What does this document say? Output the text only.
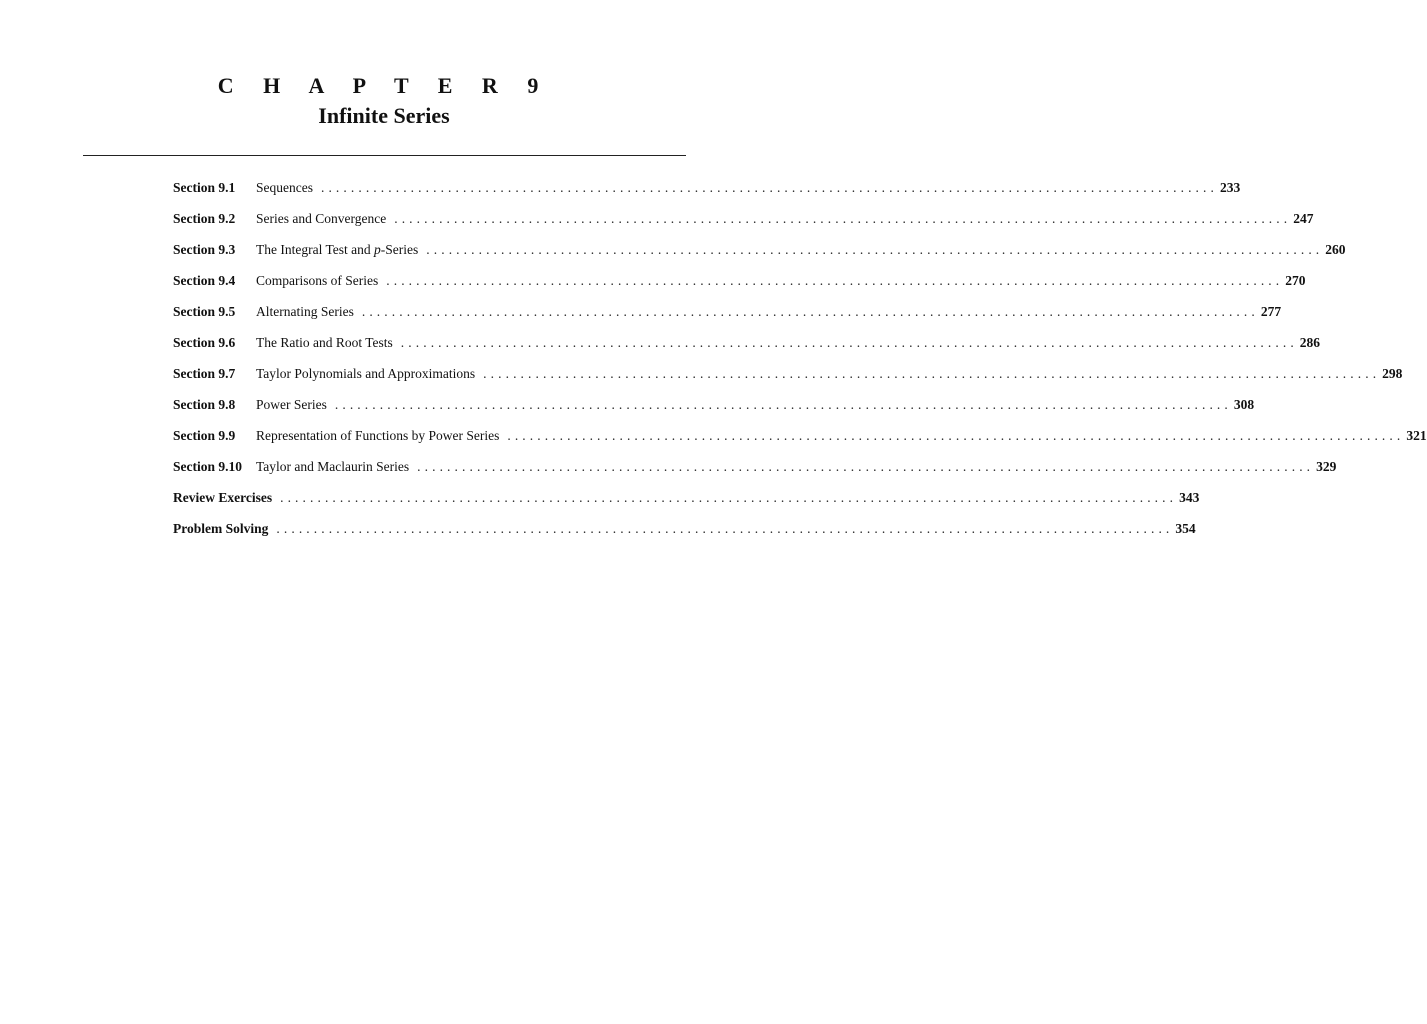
C H A P T E R 9
Infinite Series
Section 9.1	Sequences ........................................................................................................................ 233
Section 9.2	Series and Convergence ........................................................................................................................ 247
Section 9.3	The Integral Test and p-Series ........................................................................................................................ 260
Section 9.4	Comparisons of Series ........................................................................................................................ 270
Section 9.5	Alternating Series ........................................................................................................................ 277
Section 9.6	The Ratio and Root Tests ........................................................................................................................ 286
Section 9.7	Taylor Polynomials and Approximations ........................................................................................................................ 298
Section 9.8	Power Series ........................................................................................................................ 308
Section 9.9	Representation of Functions by Power Series ........................................................................................................................ 321
Section 9.10	Taylor and Maclaurin Series ........................................................................................................................ 329
Review Exercises ........................................................................................................................ 343
Problem Solving ........................................................................................................................ 354
